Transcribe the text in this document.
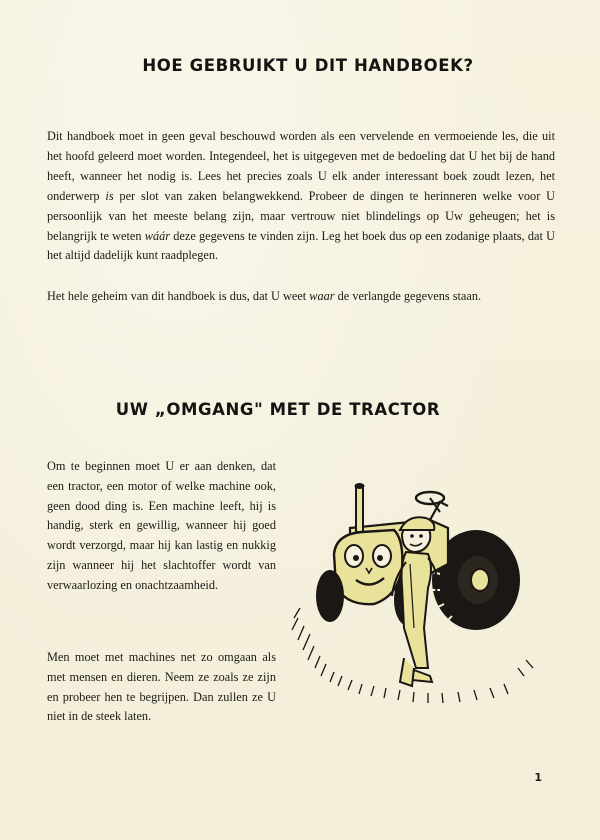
HOE GEBRUIKT U DIT HANDBOEK?

Dit handboek moet in geen geval beschouwd worden als een vervelende en vermoeiende les, die uit het hoofd geleerd moet worden. Integendeel, het is uitgegeven met de bedoeling dat U het bij de hand heeft, wanneer het nodig is. Lees het precies zoals U elk ander interessant boek zoudt lezen, het onderwerp is per slot van zaken belangwekkend. Probeer de dingen te herinneren welke voor U persoonlijk van het meeste belang zijn, maar vertrouw niet blindelings op Uw geheugen; het is belangrijk te weten wáár deze gegevens te vinden zijn. Leg het boek dus op een zodanige plaats, dat U het altijd dadelijk kunt raadplegen.

Het hele geheim van dit handboek is dus, dat U weet waar de verlangde gegevens staan.

UW „OMGANG" MET DE TRACTOR

Om te beginnen moet U er aan denken, dat een tractor, een motor of welke machine ook, geen dood ding is. Een machine leeft, hij is handig, sterk en gewillig, wanneer hij goed wordt verzorgd, maar hij kan lastig en nukkig zijn wanneer hij het slachtoffer wordt van verwaarlozing en onachtzaamheid.

Men moet met machines net zo omgaan als met mensen en dieren. Neem ze zoals ze zijn en probeer hen te begrijpen. Dan zullen ze U niet in de steek laten.

1
